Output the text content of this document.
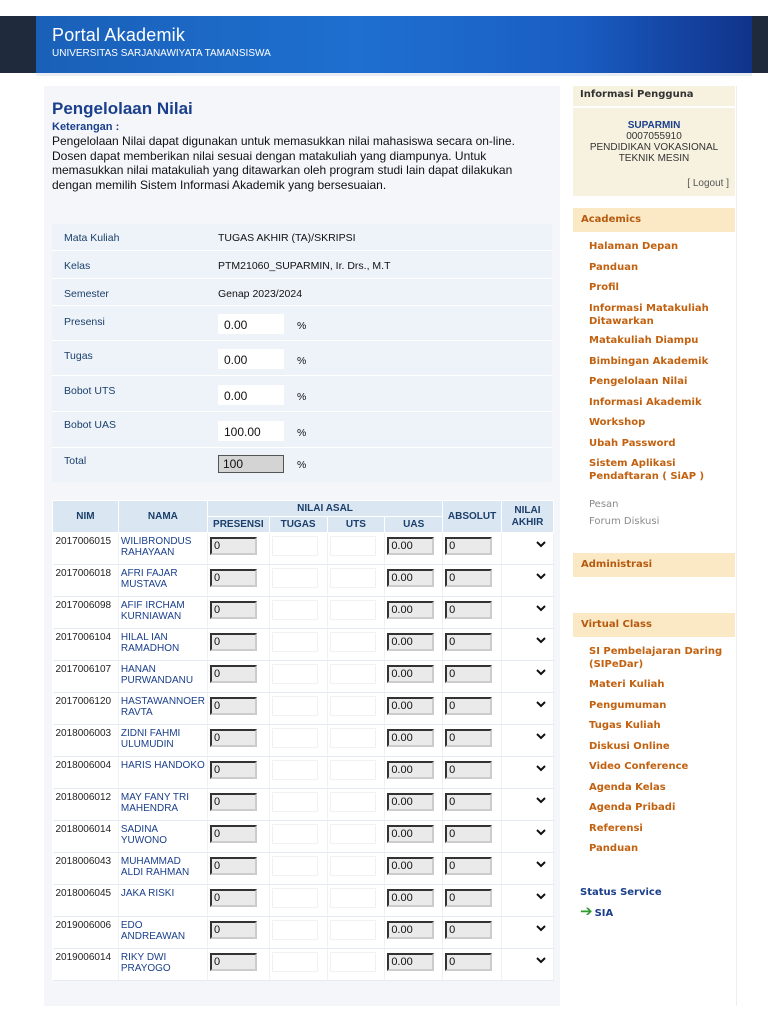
Portal Akademik
UNIVERSITAS SARJANAWIYATA TAMANSISWA
Pengelolaan Nilai
Keterangan :
Pengelolaan Nilai dapat digunakan untuk memasukkan nilai mahasiswa secara on-line. Dosen dapat memberikan nilai sesuai dengan matakuliah yang diampunya. Untuk memasukkan nilai matakuliah yang ditawarkan oleh program studi lain dapat dilakukan dengan memilih Sistem Informasi Akademik yang bersesuaian.
Mata Kuliah	TUGAS AKHIR (TA)/SKRIPSI
Kelas	PTM21060_SUPARMIN, Ir. Drs., M.T
Semester	Genap 2023/2024
Presensi	0.00	%
Tugas	0.00	%
Bobot UTS	0.00	%
Bobot UAS	100.00	%
Total	100	%
NIM	NAMA	NILAI ASAL				ABSOLUT	NILAI AKHIR
		PRESENSI	TUGAS	UTS	UAS		
2017006015	WILIBRONDUS RAHAYAAN	0			0.00	0

2017006018	AFRI FAJAR MUSTAVA	0			0.00	0

2017006098	AFIF IRCHAM KURNIAWAN	0			0.00	0

2017006104	HILAL IAN RAMADHON	0			0.00	0

2017006107	HANAN PURWANDANU	0			0.00	0

2017006120	HASTAWANNOER RAVTA	0			0.00	0

2018006003	ZIDNI FAHMI ULUMUDIN	0			0.00	0

2018006004	HARIS HANDOKO	0			0.00	0

2018006012	MAY FANY TRI MAHENDRA	0			0.00	0

2018006014	SADINA YUWONO	0			0.00	0

2018006043	MUHAMMAD ALDI RAHMAN	0			0.00	0

2018006045	JAKA RISKI	0			0.00	0

2019006006	EDO ANDREAWAN	0			0.00	0

2019006014	RIKY DWI PRAYOGO	0			0.00	0

Informasi Pengguna
SUPARMIN
0007055910
PENDIDIKAN VOKASIONAL
TEKNIK MESIN
[ Logout ]
Academics
Halaman Depan
Panduan
Profil
Informasi Matakuliah Ditawarkan
Matakuliah Diampu
Bimbingan Akademik
Pengelolaan Nilai
Informasi Akademik
Workshop
Ubah Password
Sistem Aplikasi Pendaftaran ( SiAP )
Pesan
Forum Diskusi
Administrasi
Virtual Class
SI Pembelajaran Daring (SIPeDar)
Materi Kuliah
Pengumuman
Tugas Kuliah
Diskusi Online
Video Conference
Agenda Kelas
Agenda Pribadi
Referensi
Panduan
Status Service
➔ SIA
